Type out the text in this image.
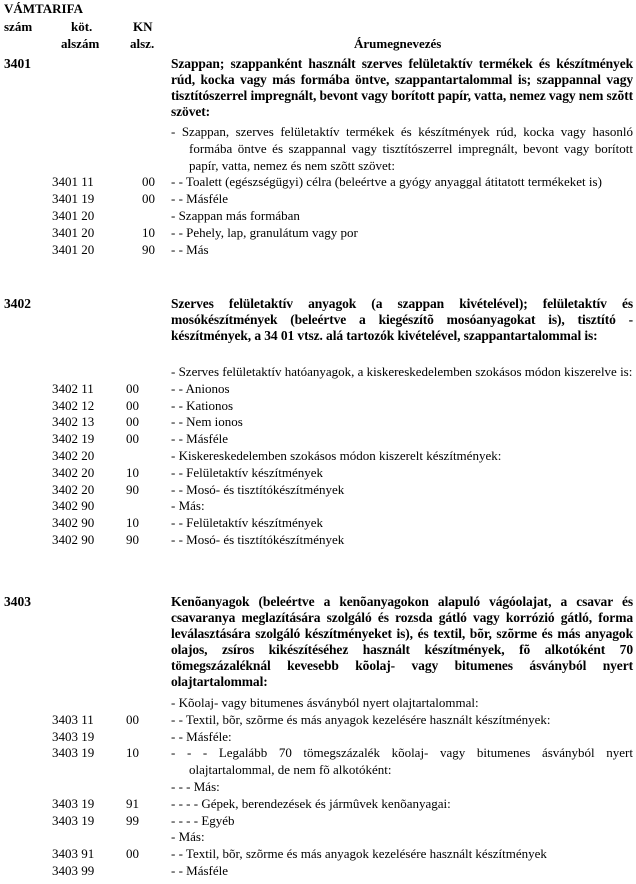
VÁMTARIFA
szám	köt.
alszám
KN
alsz.	Árumegnevezés
3401	Szappan; szappanként használt szerves felületaktív termékek és készítmények rúd, kocka vagy más formába öntve, szappantartalommal is; szappannal vagy tisztítószerrel impregnált, bevont vagy borított papír, vatta, nemez vagy nem szõtt szövet:
- Szappan, szerves felületaktív termékek és készítmények rúd, kocka vagy hasonló formába öntve és szappannal vagy tisztítószerrel impregnált, bevont vagy borított papír, vatta, nemez és nem szõtt szövet:
3401 11	00 - - Toalett (egészségügyi) célra (beleértve a gyógy anyaggal átitatott termékeket is)
3401 19	00 - - Másféle
3401 20	- Szappan más formában
3401 20	10 - - Pehely, lap, granulátum vagy por
3401 20	90 - - Más
3402	Szerves felületaktív anyagok (a szappan kivételével); felületaktív és mosókészítmények (beleértve a kiegészítõ mosóanyagokat is), tisztító - készítmények, a 34 01 vtsz. alá tartozók kivételével, szappantartalommal is:
- Szerves felületaktív hatóanyagok, a kiskereskedelemben szokásos módon kiszerelve is:
3402 11 00 - - Anionos
3402 12 00 - - Kationos
3402 13 00 - - Nem ionos
3402 19 00 - - Másféle
3402 20	- Kiskereskedelemben szokásos módon kiszerelt készítmények:
3402 20 10 - - Felületaktív készítmények
3402 20 90 - - Mosó- és tisztítókészítmények
3402 90	- Más:
3402 90 10 - - Felületaktív készítmények
3402 90 90 - - Mosó- és tisztítókészítmények
3403	Kenõanyagok (beleértve a kenõanyagokon alapuló vágóolajat, a csavar és csavaranya meglazítására szolgáló és rozsda gátló vagy korrózió gátló, forma leválasztására szolgáló készítményeket is), és textil, bõr, szõrme és más anyagok olajos, zsíros kikészítéséhez használt készítmények, fõ alkotóként 70 tömegszázaléknál kevesebb kõolaj- vagy bitumenes ásványból nyert olajtartalommal:
- Kõolaj- vagy bitumenes ásványból nyert olajtartalommal:
3403 11 00 - - Textil, bõr, szõrme és más anyagok kezelésére használt készítmények:
3403 19	- - Másféle:
3403 19 10 - - - Legalább 70 tömegszázalék kõolaj- vagy bitumenes ásványból nyert olajtartalommal, de nem fõ alkotóként:
- - - Más:
3403 19 91 - - - - Gépek, berendezések és jármûvek kenõanyagai:
3403 19 99 - - - - Egyéb
- Más:
3403 91 00 - - Textil, bõr, szõrme és más anyagok kezelésére használt készítmények
3403 99	- - Másféle
